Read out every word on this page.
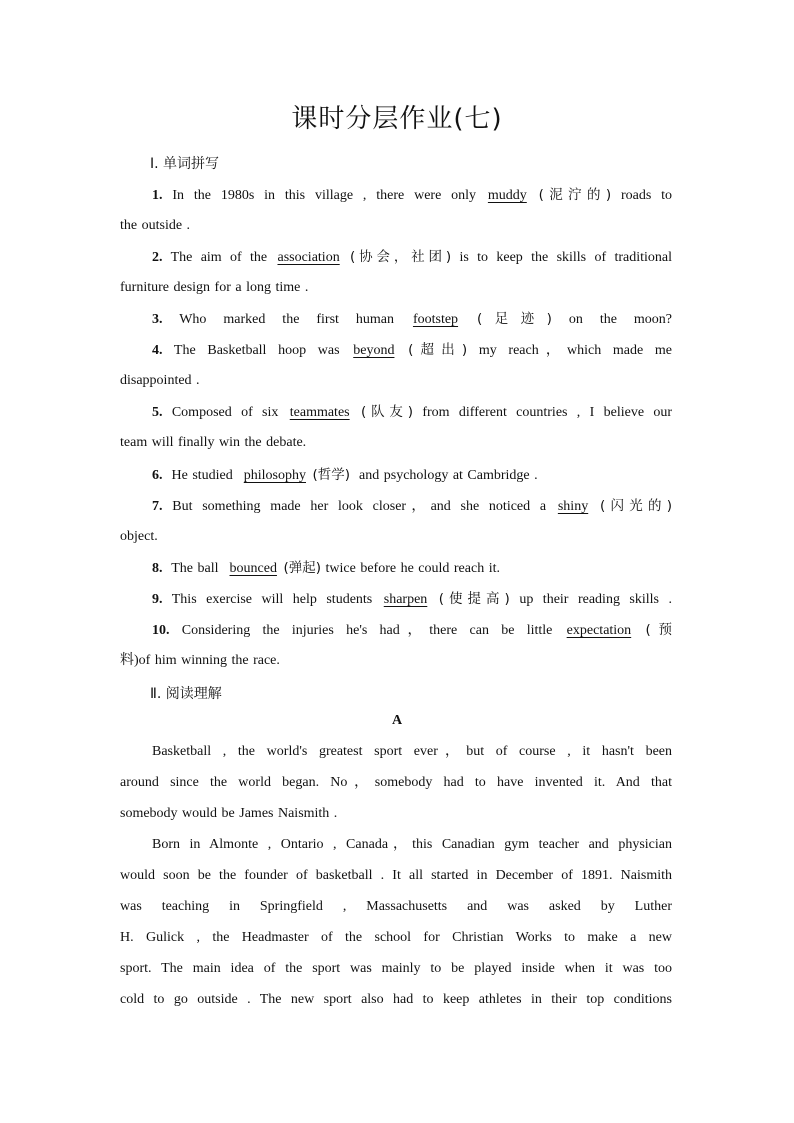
课时分层作业(七)
Ⅰ. 单词拼写
1. In the 1980s in this village , there were only muddy (泥泞的) roads to
the outside .
2. The aim of the association (协会，社团) is to keep the skills of traditional
furniture design for a long time .
3. Who marked the first human footstep (足迹) on the moon?
4. The Basketball hoop was beyond (超出) my reach，which made me
disappointed .
5. Composed of six teammates (队友) from different countries , I believe our
team will finally win the debate.
6. He studied philosophy (哲学) and psychology at Cambridge .
7. But something made her look closer，and she noticed a shiny (闪光的)
object.
8. The ball bounced (弹起) twice before he could reach it.
9. This exercise will help students sharpen (使提高) up their reading skills .
10. Considering the injuries he's had，there can be little expectation (预
料)of him winning the race.
Ⅱ. 阅读理解
A
Basketball , the world's greatest sport ever，but of course , it hasn't been
around since the world began. No，somebody had to have invented it. And that
somebody would be James Naismith .
Born in Almonte , Ontario , Canada，this Canadian gym teacher and physician
would soon be the founder of basketball . It all started in December of 1891. Naismith
was teaching in Springfield , Massachusetts and was asked by Luther
H. Gulick , the Headmaster of the school for Christian Works to make a new
sport. The main idea of the sport was mainly to be played inside when it was too
cold to go outside . The new sport also had to keep athletes in their top conditions
